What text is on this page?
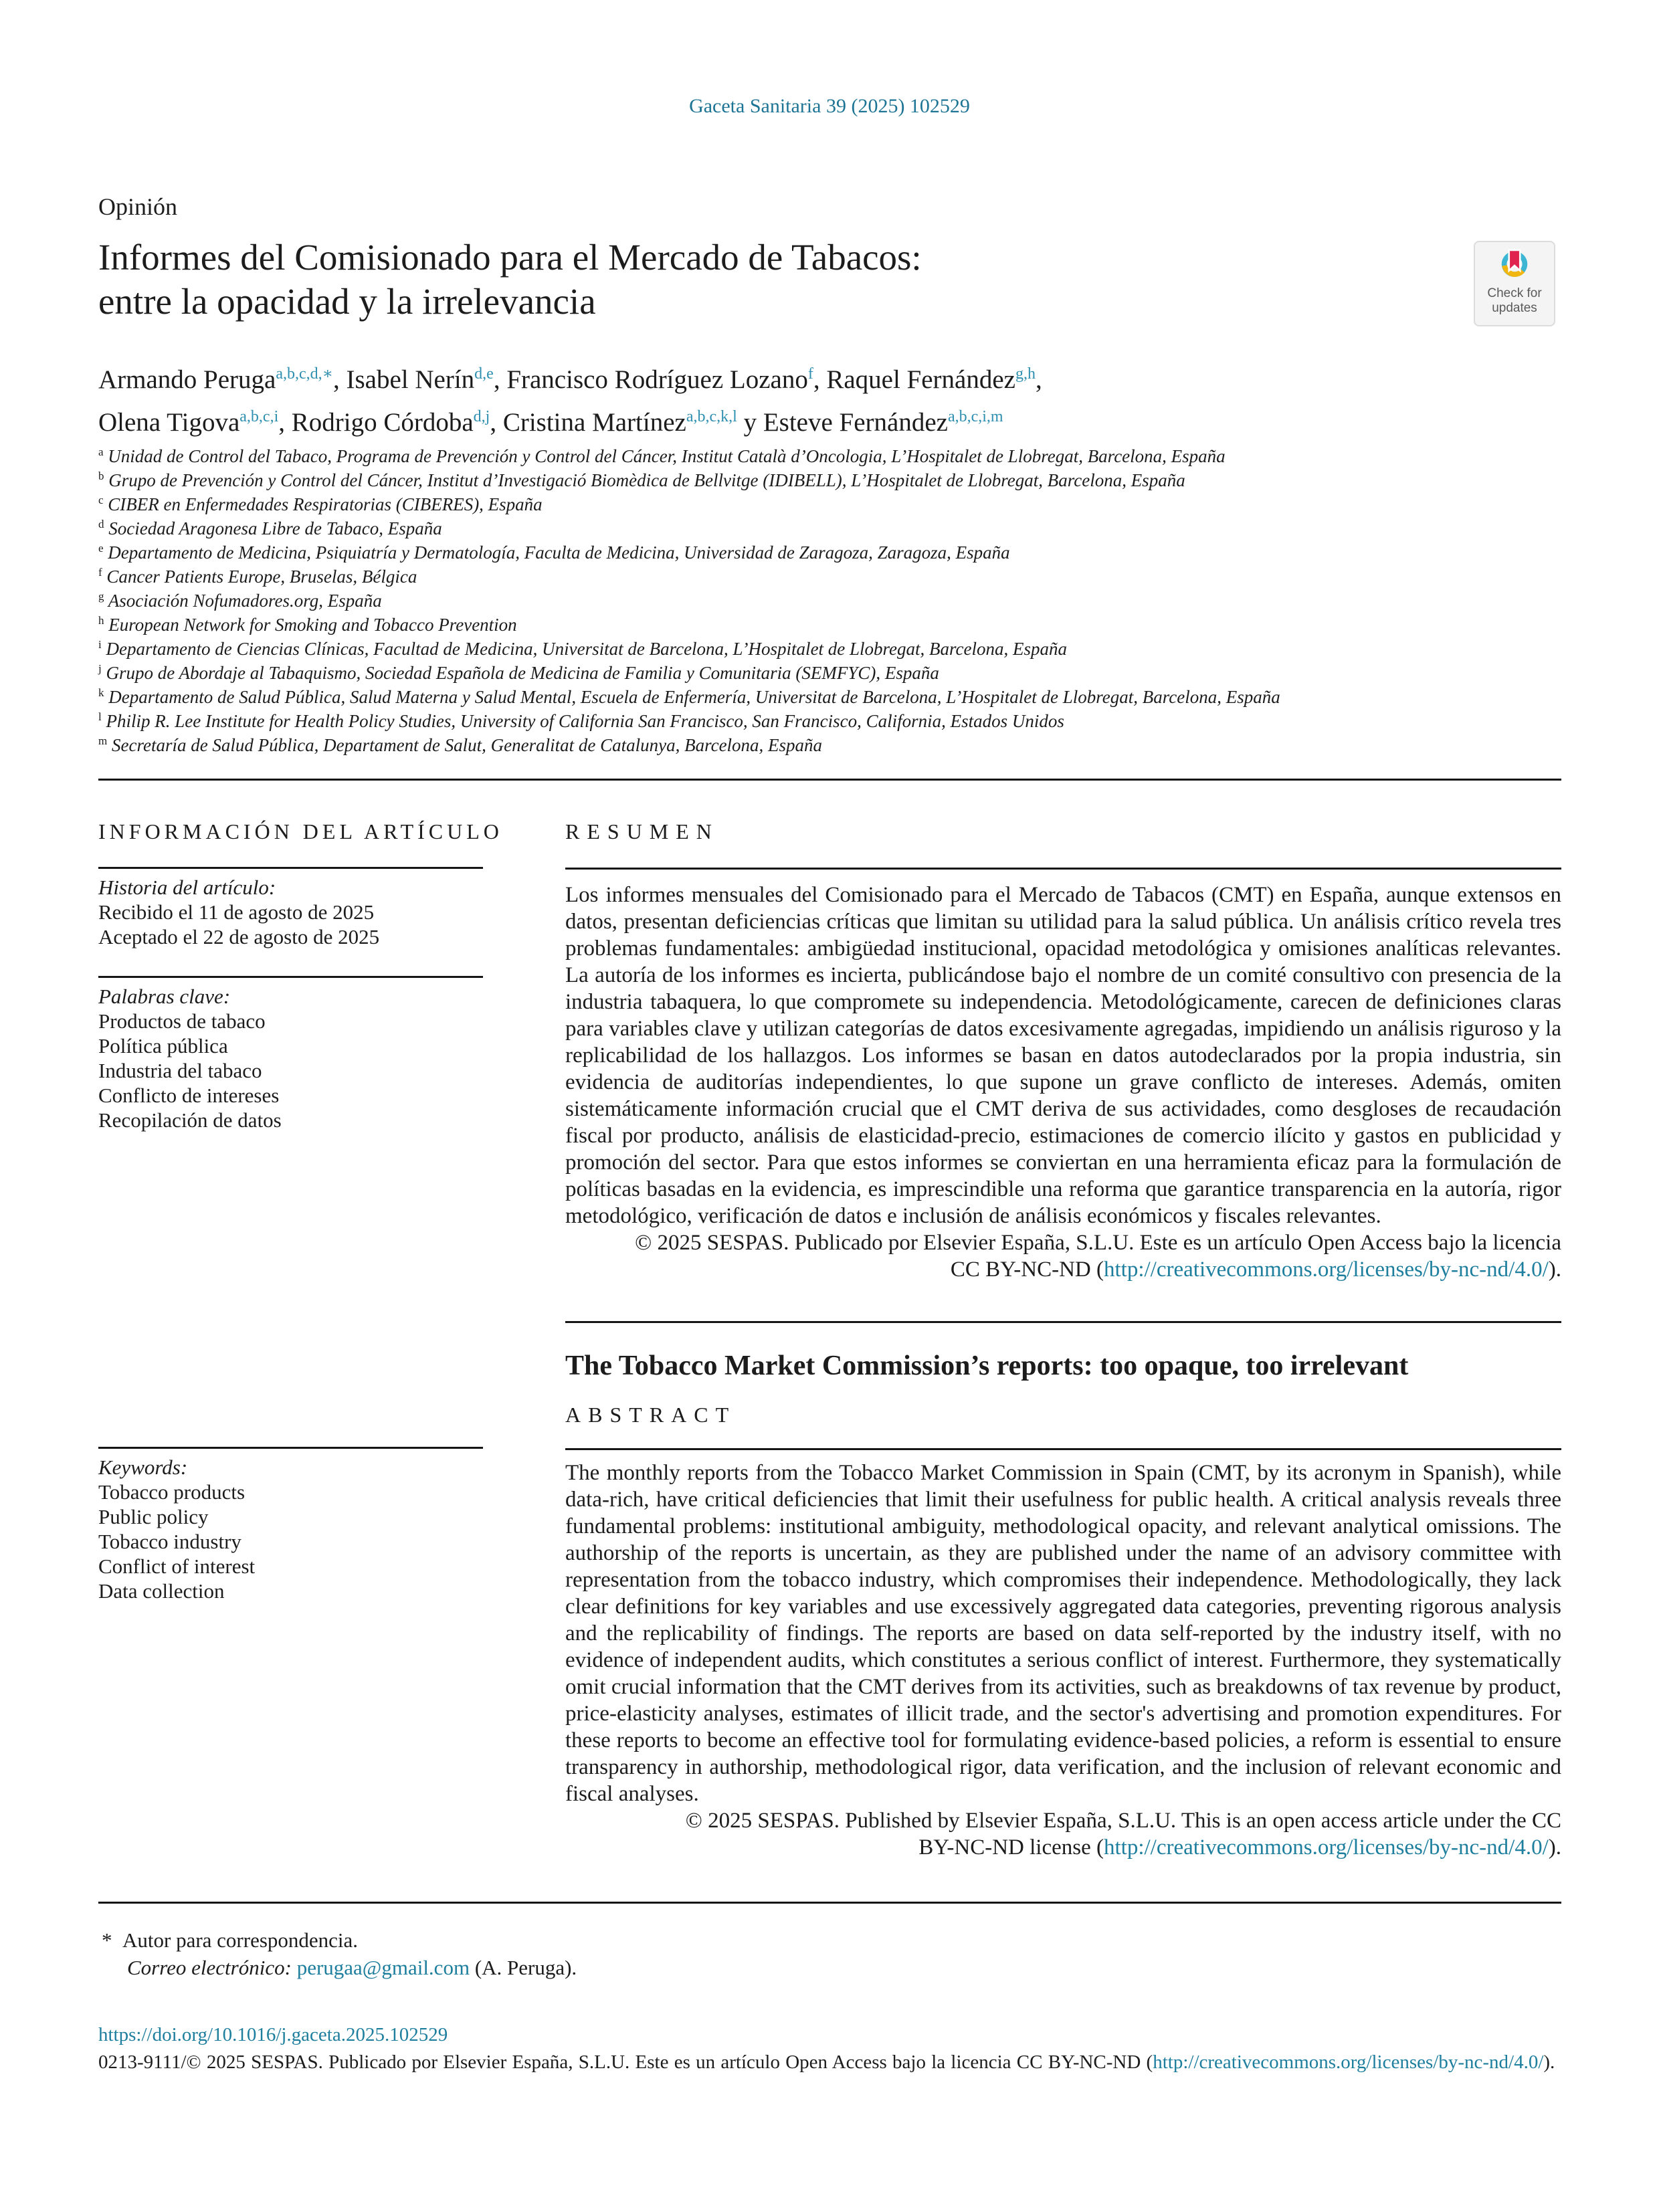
Gaceta Sanitaria 39 (2025) 102529
Opinión
Informes del Comisionado para el Mercado de Tabacos:
entre la opacidad y la irrelevancia	Check for
updates
Armando Peruga$^{a,b,c,d,∗}$, Isabel Nerín$^{d,e}$, Francisco Rodríguez Lozano$^f$, Raquel Fernández$^{g,h}$,
Olena Tigova$^{a,b,c,i}$, Rodrigo Córdoba$^{d,j}$, Cristina Martínez$^{a,b,c,k,l}$ y Esteve Fernández$^{a,b,c,i,m}$
$^a$ Unidad de Control del Tabaco, Programa de Prevención y Control del Cáncer, Institut Català d’Oncologia, L’Hospitalet de Llobregat, Barcelona, España
$^b$ Grupo de Prevención y Control del Cáncer, Institut d’Investigació Biomèdica de Bellvitge (IDIBELL), L’Hospitalet de Llobregat, Barcelona, España
$^c$ CIBER en Enfermedades Respiratorias (CIBERES), España
$^d$ Sociedad Aragonesa Libre de Tabaco, España
$^e$ Departamento de Medicina, Psiquiatría y Dermatología, Faculta de Medicina, Universidad de Zaragoza, Zaragoza, España
$^f$ Cancer Patients Europe, Bruselas, Bélgica
$^g$ Asociación Nofumadores.org, España
$^h$ European Network for Smoking and Tobacco Prevention
$^i$ Departamento de Ciencias Clínicas, Facultad de Medicina, Universitat de Barcelona, L’Hospitalet de Llobregat, Barcelona, España
$^j$ Grupo de Abordaje al Tabaquismo, Sociedad Española de Medicina de Familia y Comunitaria (SEMFYC), España
$^k$ Departamento de Salud Pública, Salud Materna y Salud Mental, Escuela de Enfermería, Universitat de Barcelona, L’Hospitalet de Llobregat, Barcelona, España
$^l$ Philip R. Lee Institute for Health Policy Studies, University of California San Francisco, San Francisco, California, Estados Unidos
$^m$ Secretaría de Salud Pública, Departament de Salut, Generalitat de Catalunya, Barcelona, España
INFORMACIÓN DEL ARTÍCULO
Historia del artículo:
Recibido el 11 de agosto de 2025
Aceptado el 22 de agosto de 2025
Palabras clave:
Productos de tabaco
Política pública
Industria del tabaco
Conflicto de intereses
Recopilación de datos
Keywords:
Tobacco products
Public policy
Tobacco industry
Conflict of interest
Data collection
RESUMEN
Los informes mensuales del Comisionado para el Mercado de Tabacos (CMT) en España, aunque extensos en datos, presentan deficiencias críticas que limitan su utilidad para la salud pública. Un análisis crítico revela tres problemas fundamentales: ambigüedad institucional, opacidad metodológica y omisiones analíticas relevantes. La autoría de los informes es incierta, publicándose bajo el nombre de un comité consultivo con presencia de la industria tabaquera, lo que compromete su independencia. Metodológicamente, carecen de definiciones claras para variables clave y utilizan categorías de datos excesivamente agregadas, impidiendo un análisis riguroso y la replicabilidad de los hallazgos. Los informes se basan en datos autodeclarados por la propia industria, sin evidencia de auditorías independientes, lo que supone un grave conflicto de intereses. Además, omiten sistemáticamente información crucial que el CMT deriva de sus actividades, como desgloses de recaudación fiscal por producto, análisis de elasticidad-precio, estimaciones de comercio ilícito y gastos en publicidad y promoción del sector. Para que estos informes se conviertan en una herramienta eficaz para la formulación de políticas basadas en la evidencia, es imprescindible una reforma que garantice transparencia en la autoría, rigor metodológico, verificación de datos e inclusión de análisis económicos y fiscales relevantes.
© 2025 SESPAS. Publicado por Elsevier España, S.L.U. Este es un artículo Open Access bajo la licencia
CC BY-NC-ND (http://creativecommons.org/licenses/by-nc-nd/4.0/).
The Tobacco Market Commission’s reports: too opaque, too irrelevant
ABSTRACT
The monthly reports from the Tobacco Market Commission in Spain (CMT, by its acronym in Spanish), while data-rich, have critical deficiencies that limit their usefulness for public health. A critical analysis reveals three fundamental problems: institutional ambiguity, methodological opacity, and relevant analytical omissions. The authorship of the reports is uncertain, as they are published under the name of an advisory committee with representation from the tobacco industry, which compromises their independence. Methodologically, they lack clear definitions for key variables and use excessively aggregated data categories, preventing rigorous analysis and the replicability of findings. The reports are based on data self-reported by the industry itself, with no evidence of independent audits, which constitutes a serious conflict of interest. Furthermore, they systematically omit crucial information that the CMT derives from its activities, such as breakdowns of tax revenue by product, price-elasticity analyses, estimates of illicit trade, and the sector's advertising and promotion expenditures. For these reports to become an effective tool for formulating evidence-based policies, a reform is essential to ensure transparency in authorship, methodological rigor, data verification, and the inclusion of relevant economic and fiscal analyses.
© 2025 SESPAS. Published by Elsevier España, S.L.U. This is an open access article under the CC
BY-NC-ND license (http://creativecommons.org/licenses/by-nc-nd/4.0/).
* Autor para correspondencia.
Correo electrónico: perugaa@gmail.com (A. Peruga).
https://doi.org/10.1016/j.gaceta.2025.102529
0213-9111/© 2025 SESPAS. Publicado por Elsevier España, S.L.U. Este es un artículo Open Access bajo la licencia CC BY-NC-ND (http://creativecommons.org/licenses/by-nc-nd/4.0/).
